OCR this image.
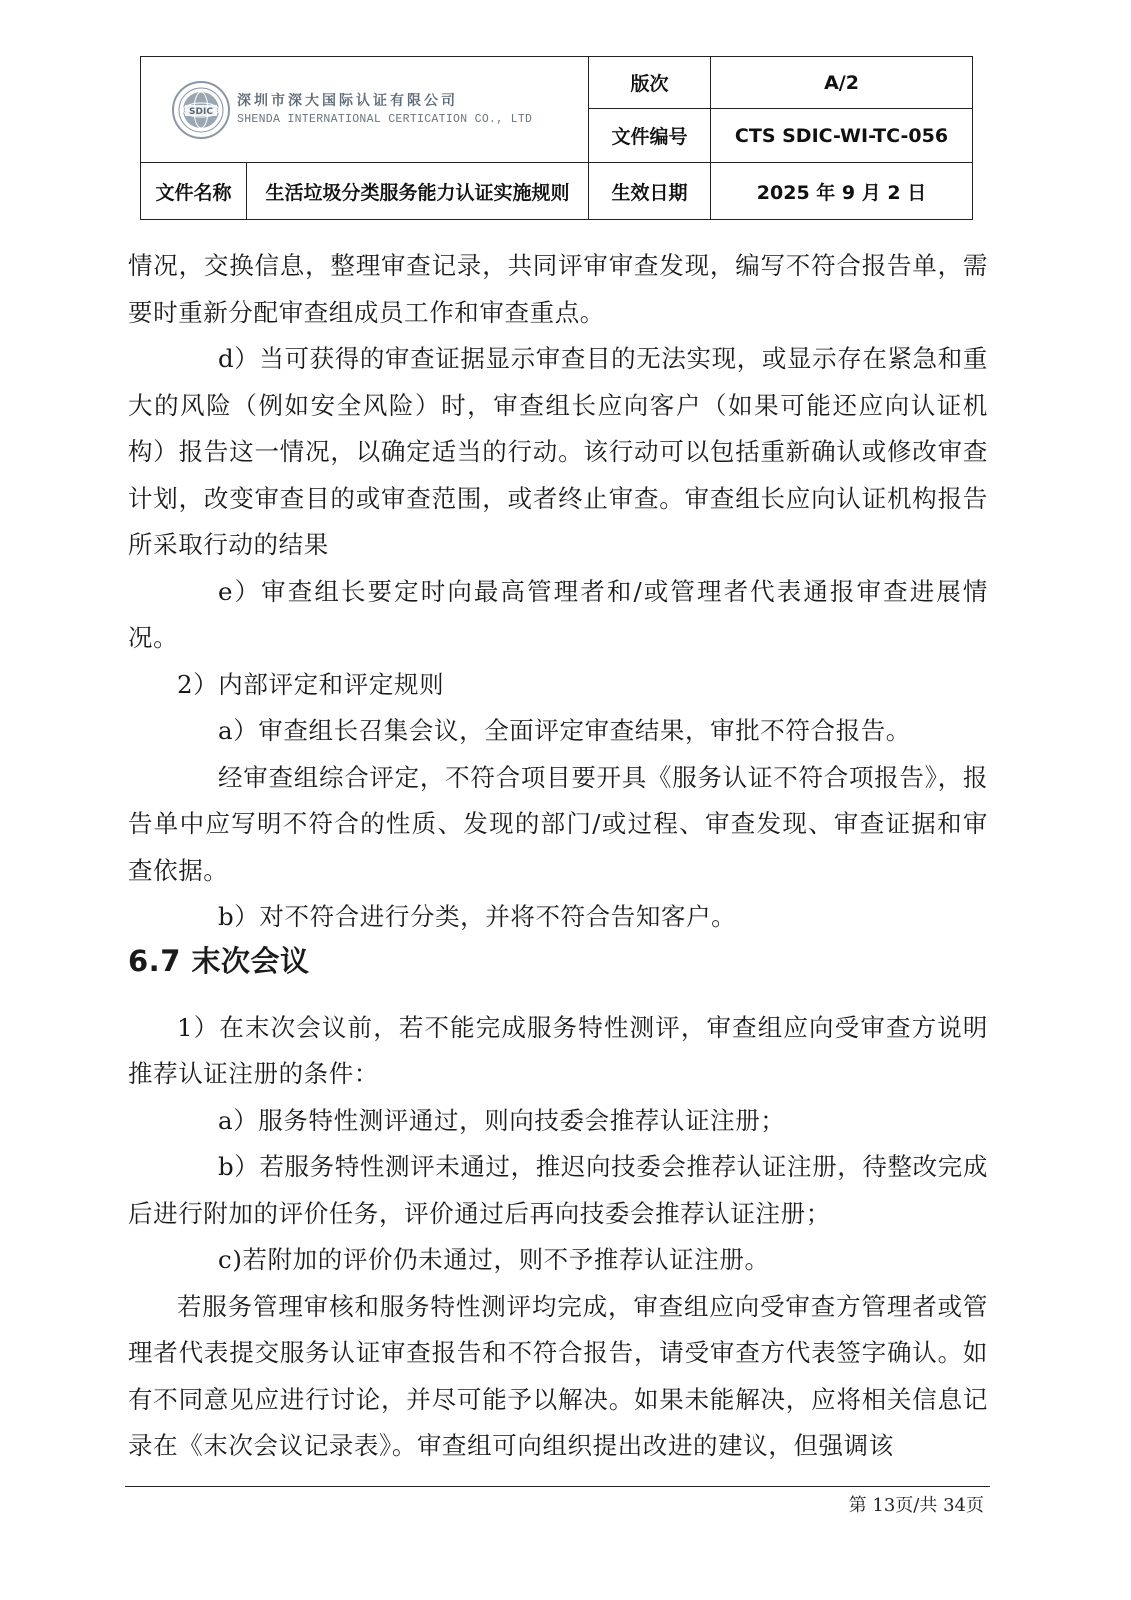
SDIC
深圳市深大国际认证有限公司
SHENDA INTERNATIONAL CERTICATION CO., LTD		版次	A/2
		文件编号	CTS SDIC-WI-TC-056
文件名称	生活垃圾分类服务能力认证实施规则	生效日期	2025 年 9 月 2 日

情况，交换信息，整理审查记录，共同评审审查发现，编写不符合报告单，需要时重新分配审查组成员工作和审查重点。

d）当可获得的审查证据显示审查目的无法实现，或显示存在紧急和重大的风险（例如安全风险）时，审查组长应向客户（如果可能还应向认证机构）报告这一情况，以确定适当的行动。该行动可以包括重新确认或修改审查计划，改变审查目的或审查范围，或者终止审查。审查组长应向认证机构报告所采取行动的结果

e）审查组长要定时向最高管理者和/或管理者代表通报审查进展情况。

2）内部评定和评定规则

a）审查组长召集会议，全面评定审查结果，审批不符合报告。

经审查组综合评定，不符合项目要开具《服务认证不符合项报告》，报告单中应写明不符合的性质、发现的部门/或过程、审查发现、审查证据和审查依据。

b）对不符合进行分类，并将不符合告知客户。

6.7 末次会议

1）在末次会议前，若不能完成服务特性测评，审查组应向受审查方说明推荐认证注册的条件：

a）服务特性测评通过，则向技委会推荐认证注册；

b）若服务特性测评未通过，推迟向技委会推荐认证注册，待整改完成后进行附加的评价任务，评价通过后再向技委会推荐认证注册；

c)若附加的评价仍未通过，则不予推荐认证注册。

若服务管理审核和服务特性测评均完成，审查组应向受审查方管理者或管理者代表提交服务认证审查报告和不符合报告，请受审查方代表签字确认。如有不同意见应进行讨论，并尽可能予以解决。如果未能解决，应将相关信息记录在《末次会议记录表》。审查组可向组织提出改进的建议，但强调该

第 13页/共 34页
